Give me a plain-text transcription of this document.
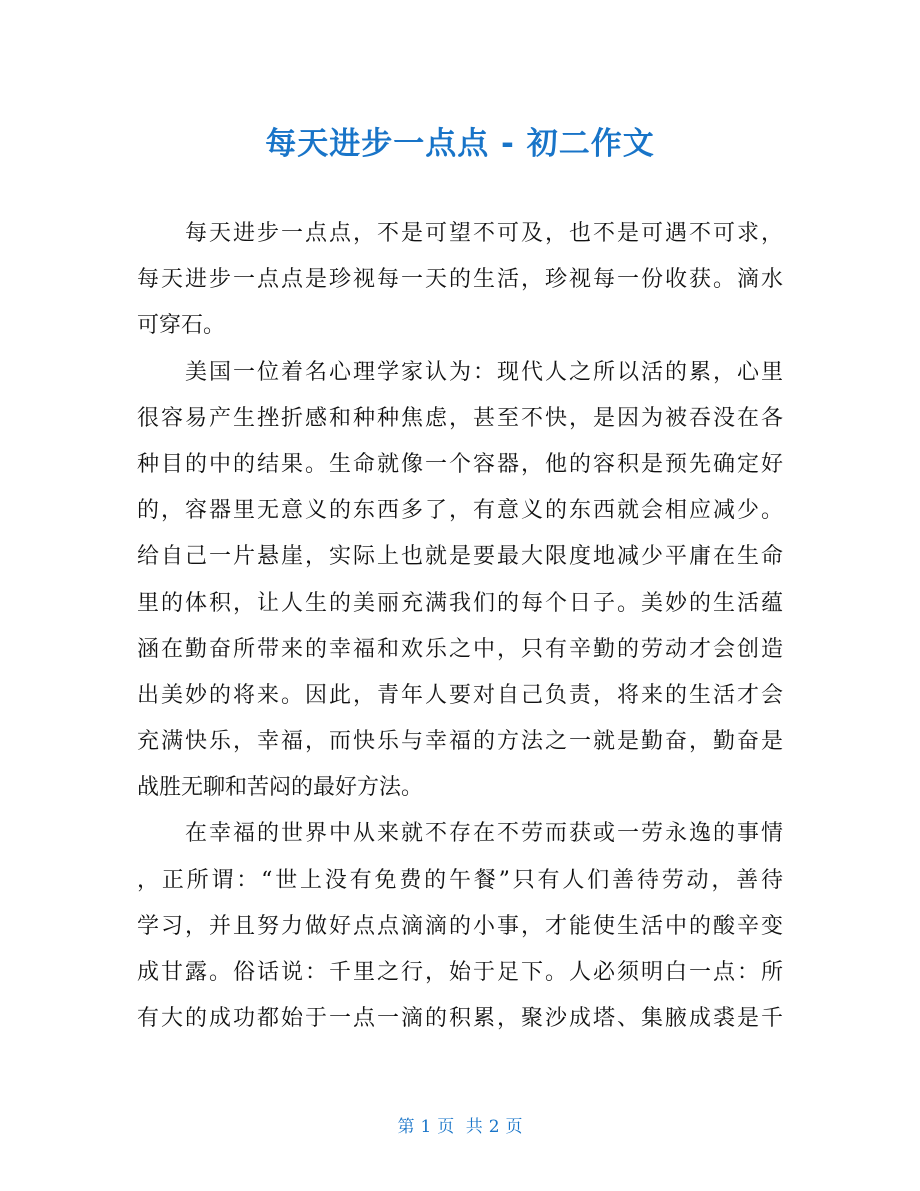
每天进步一点点 - 初二作文
　　每天进步一点点，不是可望不可及，也不是可遇不可求，
每天进步一点点是珍视每一天的生活，珍视每一份收获。滴水
可穿石。
　　美国一位着名心理学家认为：现代人之所以活的累，心里
很容易产生挫折感和种种焦虑，甚至不快，是因为被吞没在各
种目的中的结果。生命就像一个容器，他的容积是预先确定好
的，容器里无意义的东西多了，有意义的东西就会相应减少。
给自己一片悬崖，实际上也就是要最大限度地减少平庸在生命
里的体积，让人生的美丽充满我们的每个日子。美妙的生活蕴
涵在勤奋所带来的幸福和欢乐之中，只有辛勤的劳动才会创造
出美妙的将来。因此，青年人要对自己负责，将来的生活才会
充满快乐，幸福，而快乐与幸福的方法之一就是勤奋，勤奋是
战胜无聊和苦闷的最好方法。
　　在幸福的世界中从来就不存在不劳而获或一劳永逸的事情
，正所谓：“世上没有免费的午餐”只有人们善待劳动，善待
学习，并且努力做好点点滴滴的小事，才能使生活中的酸辛变
成甘露。俗话说：千里之行，始于足下。人必须明白一点：所
有大的成功都始于一点一滴的积累，聚沙成塔、集腋成裘是千
第 1 页 共 2 页
